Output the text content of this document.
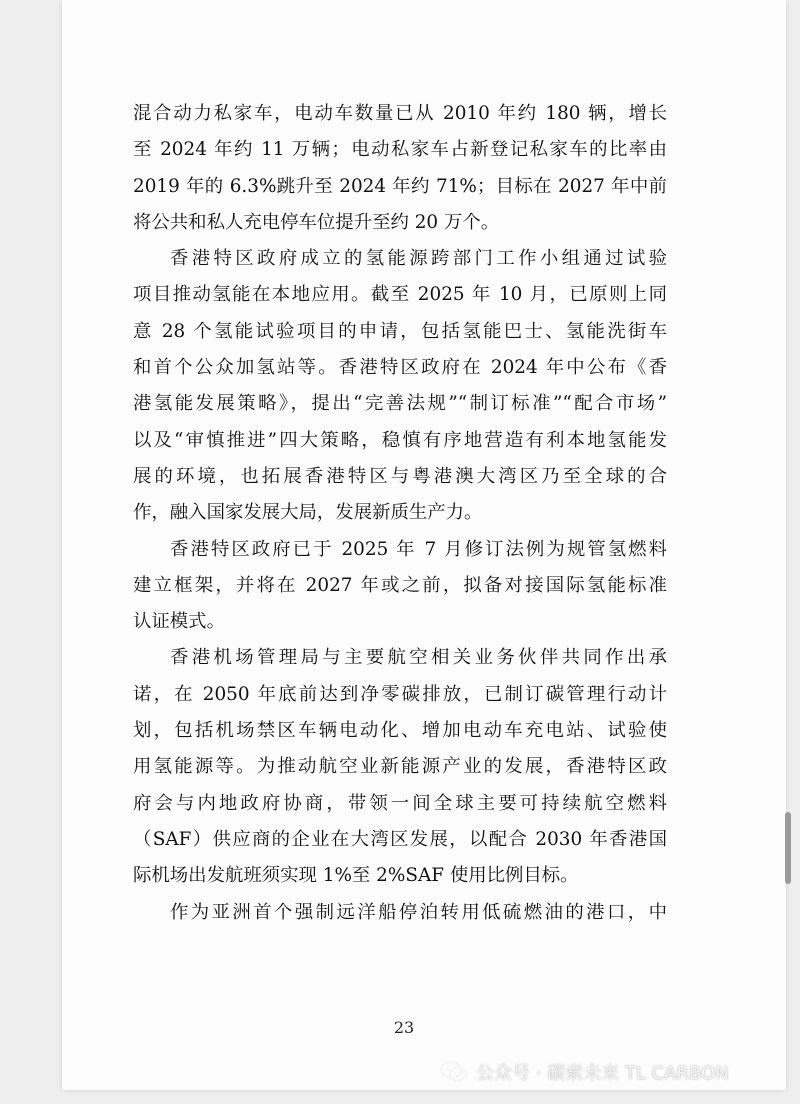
混合动力私家车，电动车数量已从 2010 年约 180 辆，增长
至 2024 年约 11 万辆；电动私家车占新登记私家车的比率由
2019 年的 6.3%跳升至 2024 年约 71%；目标在 2027 年中前
将公共和私人充电停车位提升至约 20 万个。
香港特区政府成立的氢能源跨部门工作小组通过试验
项目推动氢能在本地应用。截至 2025 年 10 月，已原则上同
意 28 个氢能试验项目的申请，包括氢能巴士、氢能洗街车
和首个公众加氢站等。香港特区政府在 2024 年中公布《香
港氢能发展策略》，提出“完善法规”“制订标准”“配合市场”
以及“审慎推进”四大策略，稳慎有序地营造有利本地氢能发
展的环境，也拓展香港特区与粤港澳大湾区乃至全球的合
作，融入国家发展大局，发展新质生产力。
香港特区政府已于 2025 年 7 月修订法例为规管氢燃料
建立框架，并将在 2027 年或之前，拟备对接国际氢能标准
认证模式。
香港机场管理局与主要航空相关业务伙伴共同作出承
诺，在 2050 年底前达到净零碳排放，已制订碳管理行动计
划，包括机场禁区车辆电动化、增加电动车充电站、试验使
用氢能源等。为推动航空业新能源产业的发展，香港特区政
府会与内地政府协商，带领一间全球主要可持续航空燃料
（SAF）供应商的企业在大湾区发展，以配合 2030 年香港国
际机场出发航班须实现 1%至 2%SAF 使用比例目标。
作为亚洲首个强制远洋船停泊转用低硫燃油的港口，中
23
公众号 · 碳索未来 TL CARBON
